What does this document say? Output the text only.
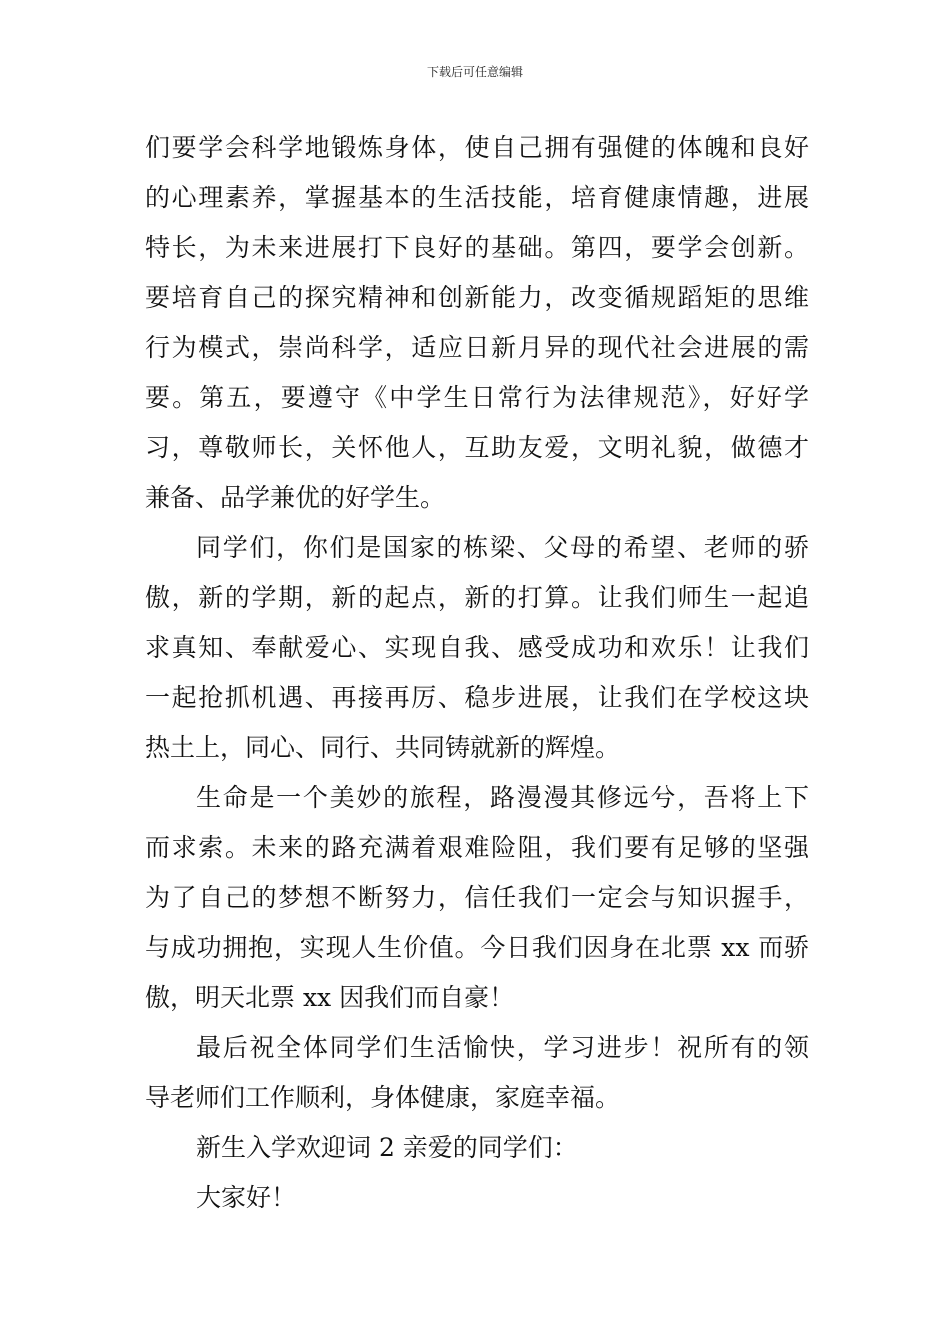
下载后可任意编辑
们要学会科学地锻炼身体，使自己拥有强健的体魄和良好
的心理素养，掌握基本的生活技能，培育健康情趣，进展
特长，为未来进展打下良好的基础。第四，要学会创新。
要培育自己的探究精神和创新能力，改变循规蹈矩的思维
行为模式，崇尚科学，适应日新月异的现代社会进展的需
要。第五，要遵守《中学生日常行为法律规范》，好好学
习，尊敬师长，关怀他人，互助友爱，文明礼貌，做德才
兼备、品学兼优的好学生。
同学们，你们是国家的栋梁、父母的希望、老师的骄
傲，新的学期，新的起点，新的打算。让我们师生一起追
求真知、奉献爱心、实现自我、感受成功和欢乐！让我们
一起抢抓机遇、再接再厉、稳步进展，让我们在学校这块
热土上，同心、同行、共同铸就新的辉煌。
生命是一个美妙的旅程，路漫漫其修远兮，吾将上下
而求索。未来的路充满着艰难险阻，我们要有足够的坚强
为了自己的梦想不断努力，信任我们一定会与知识握手，
与成功拥抱，实现人生价值。今日我们因身在北票 xx 而骄
傲，明天北票 xx 因我们而自豪！
最后祝全体同学们生活愉快，学习进步！祝所有的领
导老师们工作顺利，身体健康，家庭幸福。
新生入学欢迎词 2 亲爱的同学们：
大家好！
